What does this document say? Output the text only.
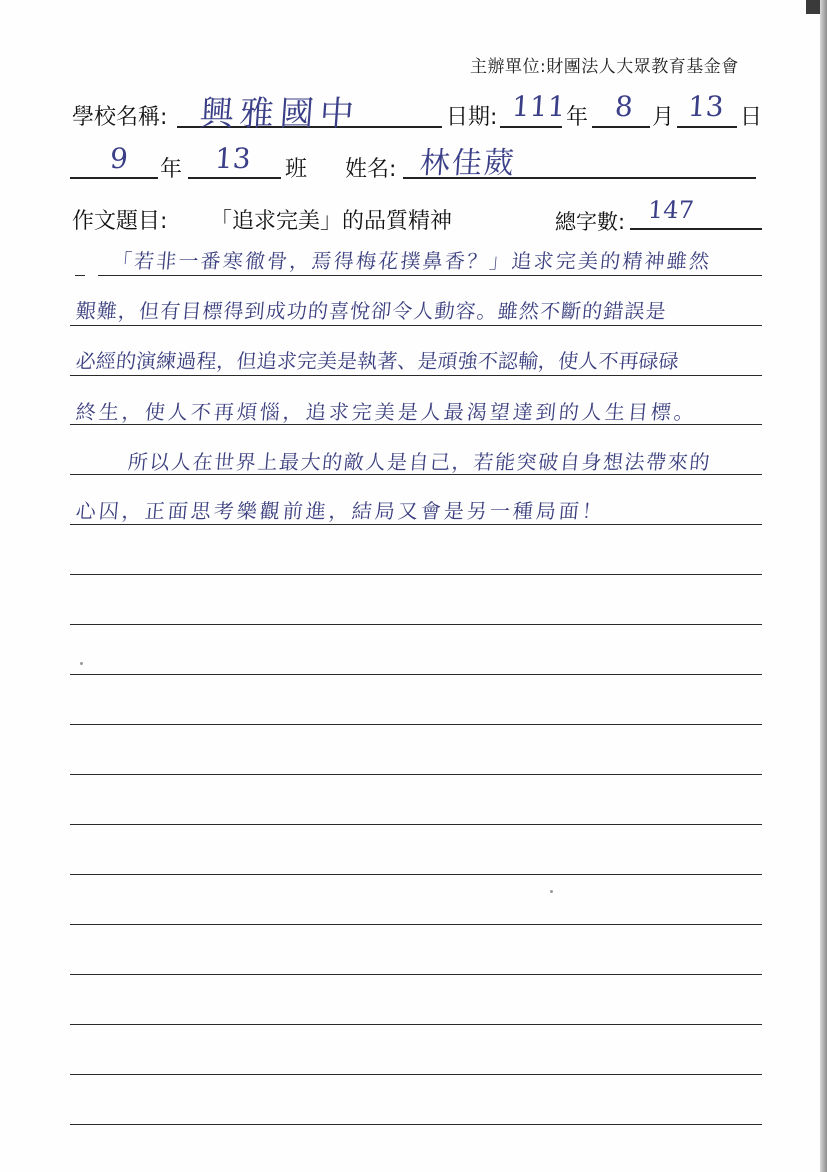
主辦單位:財團法人大眾教育基金會
學校名稱: 興雅國中	日期: 111 年 8 月 13 日
9 年 13 班 姓名: 林佳葳
作文題目: 「追求完美」的品質精神	總字數: 147
「若非一番寒徹骨，焉得梅花撲鼻香？」追求完美的精神雖然
艱難，但有目標得到成功的喜悅卻令人動容。雖然不斷的錯誤是
必經的演練過程，但追求完美是執著、是頑強不認輸，使人不再碌碌
終生，使人不再煩惱，追求完美是人最渴望達到的人生目標。
所以人在世界上最大的敵人是自己，若能突破自身想法帶來的
心囚，正面思考樂觀前進，結局又會是另一種局面！
